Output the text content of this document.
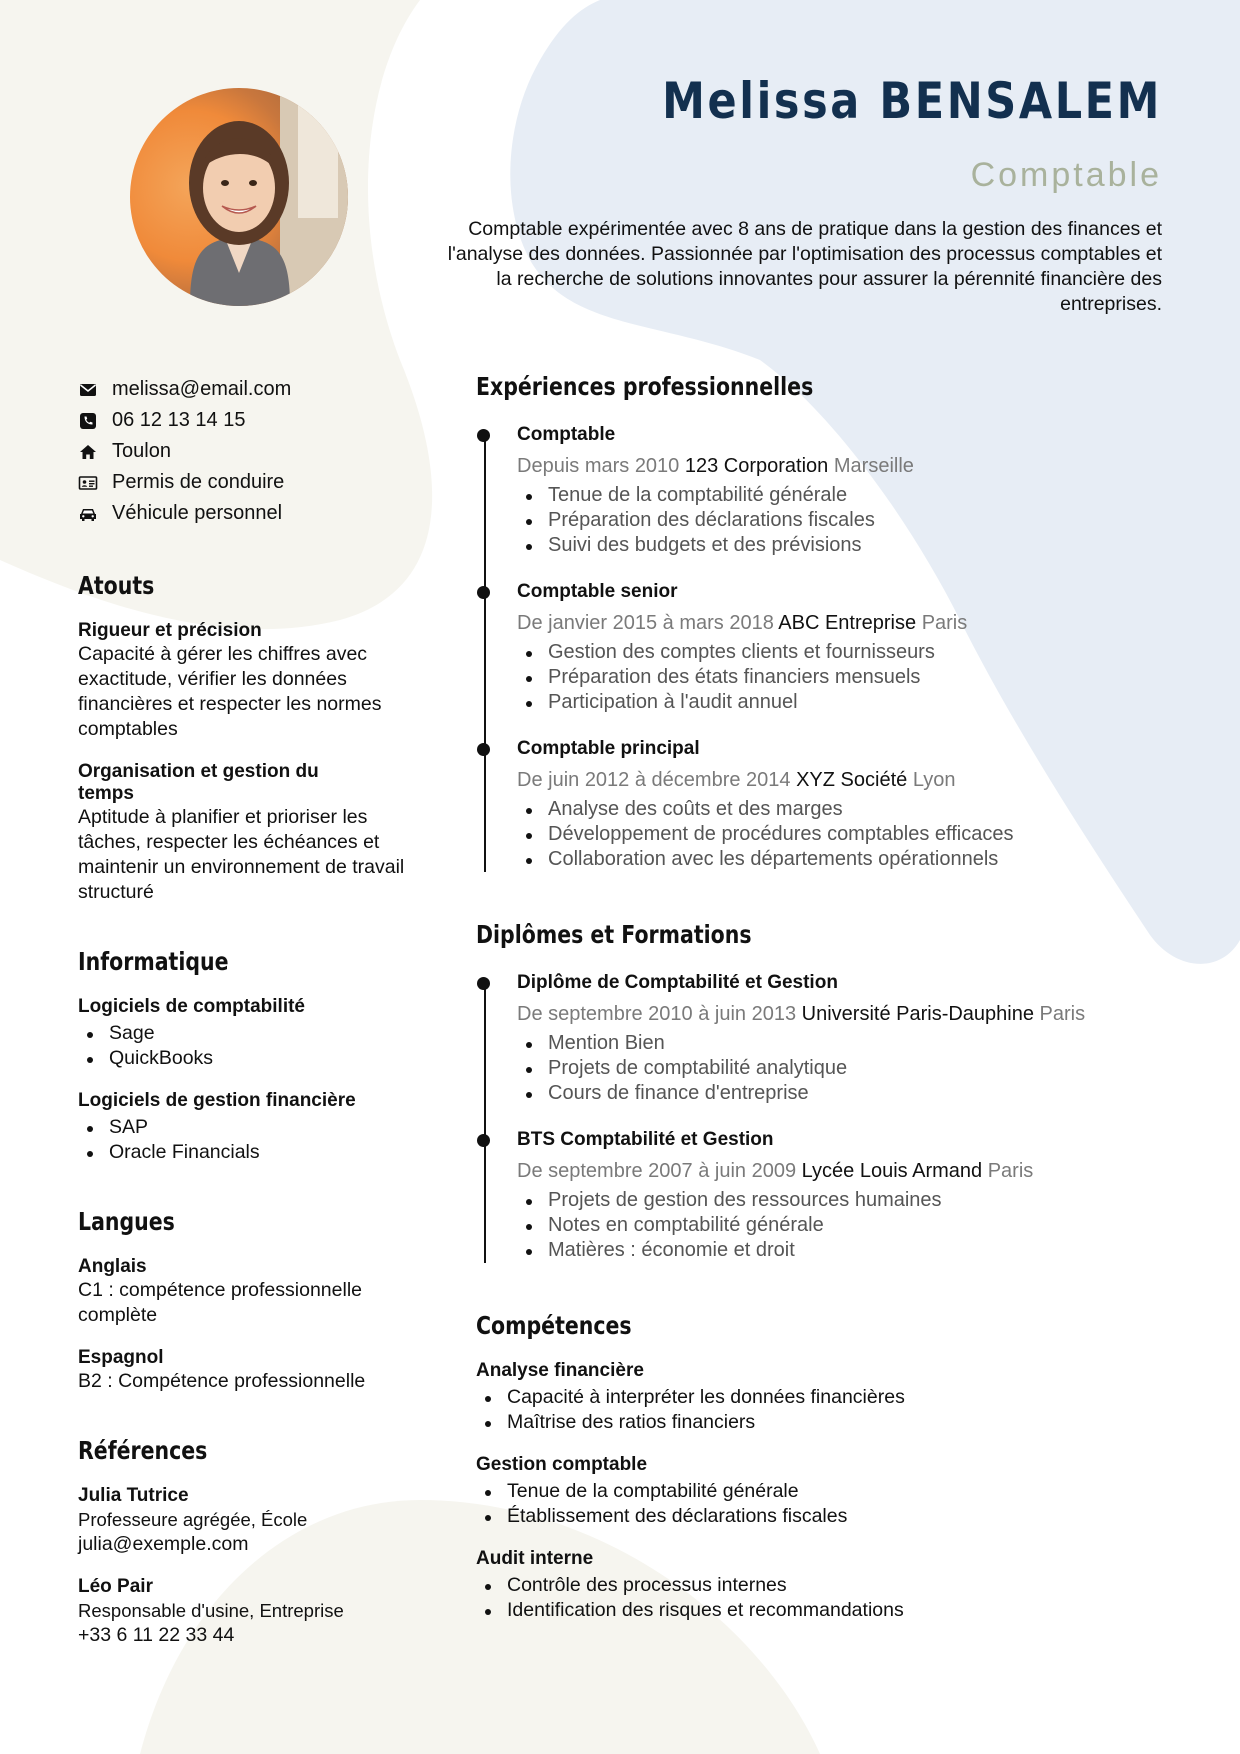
Melissa BENSALEM
Comptable
Comptable expérimentée avec 8 ans de pratique dans la gestion des finances et l'analyse des données. Passionnée par l'optimisation des processus comptables et la recherche de solutions innovantes pour assurer la pérennité financière des entreprises.
melissa@email.com
06 12 13 14 15
Toulon
Permis de conduire
Véhicule personnel
Atouts
Rigueur et précision
Capacité à gérer les chiffres avec exactitude, vérifier les données financières et respecter les normes comptables
Organisation et gestion du temps
Aptitude à planifier et prioriser les tâches, respecter les échéances et maintenir un environnement de travail structuré
Informatique
Logiciels de comptabilité
Sage
QuickBooks
Logiciels de gestion financière
SAP
Oracle Financials
Langues
Anglais
C1 : compétence professionnelle complète
Espagnol
B2 : Compétence professionnelle
Références
Julia Tutrice
Professeure agrégée, École
julia@exemple.com
Léo Pair
Responsable d'usine, Entreprise
+33 6 11 22 33 44
Expériences professionnelles
Comptable
Depuis mars 2010 123 Corporation Marseille
Tenue de la comptabilité générale
Préparation des déclarations fiscales
Suivi des budgets et des prévisions
Comptable senior
De janvier 2015 à mars 2018 ABC Entreprise Paris
Gestion des comptes clients et fournisseurs
Préparation des états financiers mensuels
Participation à l'audit annuel
Comptable principal
De juin 2012 à décembre 2014 XYZ Société Lyon
Analyse des coûts et des marges
Développement de procédures comptables efficaces
Collaboration avec les départements opérationnels
Diplômes et Formations
Diplôme de Comptabilité et Gestion
De septembre 2010 à juin 2013 Université Paris-Dauphine Paris
Mention Bien
Projets de comptabilité analytique
Cours de finance d'entreprise
BTS Comptabilité et Gestion
De septembre 2007 à juin 2009 Lycée Louis Armand Paris
Projets de gestion des ressources humaines
Notes en comptabilité générale
Matières : économie et droit
Compétences
Analyse financière
Capacité à interpréter les données financières
Maîtrise des ratios financiers
Gestion comptable
Tenue de la comptabilité générale
Établissement des déclarations fiscales
Audit interne
Contrôle des processus internes
Identification des risques et recommandations
